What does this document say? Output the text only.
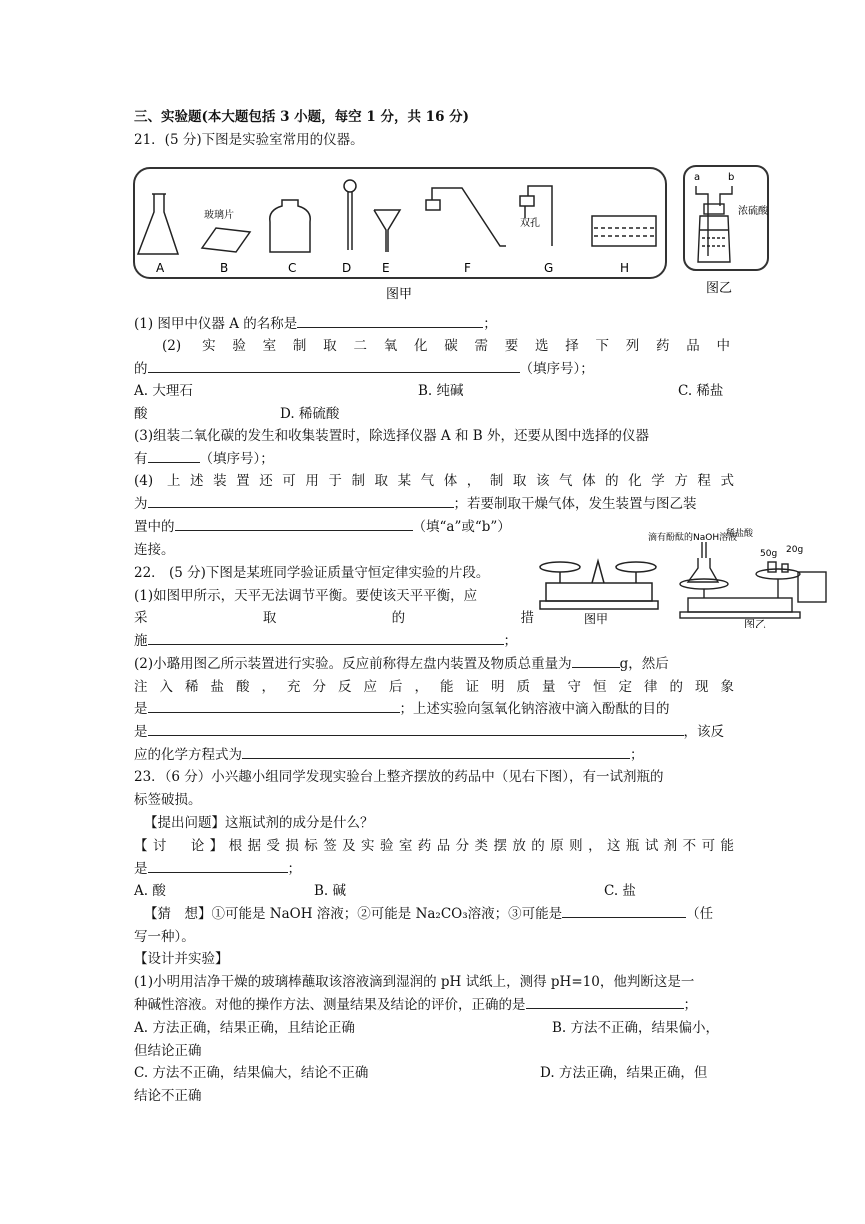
三、实验题(本大题包括 3 小题，每空 1 分，共 16 分)
21．(5 分)下图是实验室常用的仪器。
玻璃片
双孔
A	B	C	D	E	F	G	H
图甲
a	b
浓硫酸
图乙
(1) 图甲中仪器 A 的名称是	；
(2) 实验室制取二氧化碳需要选择下列药品中
的	（填序号）；
A. 大理石	B. 纯碱	C. 稀盐
酸	D. 稀硫酸
(3)组装二氧化碳的发生和收集装置时，除选择仪器 A 和 B 外，还要从图中选择的仪器
有	（填序号）；
(4) 上述装置还可用于制取某气体，制取该气体的化学方程式
为	；若要制取干燥气体，发生装置与图乙装
置中的	（填“a”或“b”）
连接。
图甲
滴有酚酞的NaOH溶液
稀盐酸
50g 20g
图乙
22． (5 分)下图是某班同学验证质量守恒定律实验的片段。
(1)如图甲所示，天平无法调节平衡。要使该天平平衡，应
采取的措
施	；
(2)小璐用图乙所示装置进行实验。反应前称得左盘内装置及物质总重量为	g，然后
注入稀盐酸，充分反应后，能证明质量守恒定律的现象
是	；上述实验向氢氧化钠溶液中滴入酚酞的目的
是	，该反
应的化学方程式为	；
23．（6 分）小兴趣小组同学发现实验台上整齐摆放的药品中（见右下图），有一试剂瓶的
标签破损。
【提出问题】这瓶试剂的成分是什么？
【讨　论】根据受损标签及实验室药品分类摆放的原则，这瓶试剂不可能
是	；
A. 酸	B. 碱	C. 盐
【猜　想】①可能是 NaOH 溶液；②可能是 Na₂CO₃溶液；③可能是	（任
写一种）。
【设计并实验】
(1)小明用洁净干燥的玻璃棒蘸取该溶液滴到湿润的 pH 试纸上，测得 pH=10，他判断这是一
种碱性溶液。对他的操作方法、测量结果及结论的评价，正确的是	；
A. 方法正确，结果正确，且结论正确	B. 方法不正确，结果偏小，
但结论正确
C. 方法不正确，结果偏大，结论不正确	D. 方法正确，结果正确，但
结论不正确
